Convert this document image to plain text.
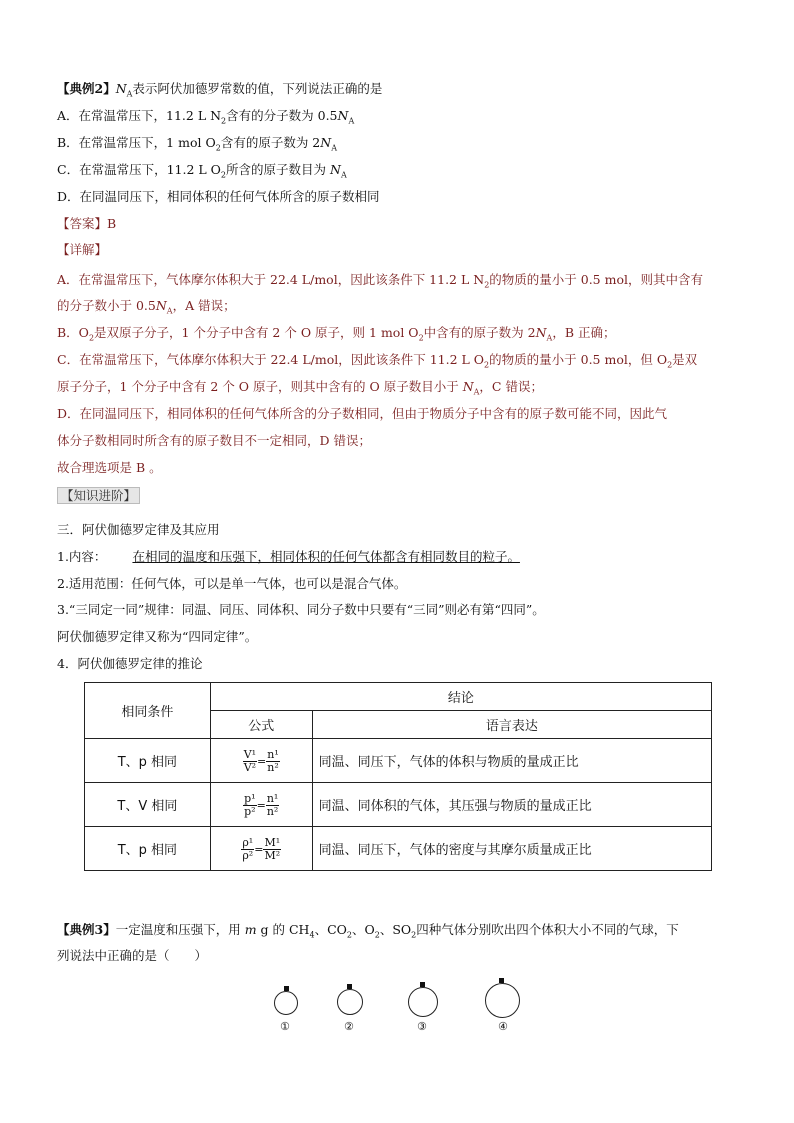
【典例2】$N_A$表示阿伏加德罗常数的值，下列说法正确的是
A．在常温常压下，11.2 L $N_2$含有的分子数为 $0.5N_A$
B．在常温常压下，1 mol $O_2$含有的原子数为 $2N_A$
C．在常温常压下，11.2 L $O_2$所含的原子数目为 $N_A$
D．在同温同压下，相同体积的任何气体所含的原子数相同
【答案】B
【详解】
A．在常温常压下，气体摩尔体积大于 22.4 L/mol，因此该条件下 11.2 L $N_2$的物质的量小于 0.5 mol，则其中含有
的分子数小于 $0.5N_A$，A 错误；
B．$O_2$是双原子分子，1 个分子中含有 2 个 O 原子，则 1 mol $O_2$中含有的原子数为 $2N_A$，B 正确；
C．在常温常压下，气体摩尔体积大于 22.4 L/mol，因此该条件下 11.2 L $O_2$的物质的量小于 0.5 mol，但 $O_2$是双
原子分子，1 个分子中含有 2 个 O 原子，则其中含有的 O 原子数目小于 $N_A$，C 错误；
D．在同温同压下，相同体积的任何气体所含的分子数相同，但由于物质分子中含有的原子数可能不同，因此气
体分子数相同时所含有的原子数目不一定相同，D 错误；
故合理选项是 B 。
【知识进阶】
三．阿伏伽德罗定律及其应用
1.内容： 在相同的温度和压强下，相同体积的任何气体都含有相同数目的粒子。
2.适用范围：任何气体，可以是单一气体，也可以是混合气体。
3.“三同定一同”规律：同温、同压、同体积、同分子数中只要有“三同”则必有第“四同”。
阿伏伽德罗定律又称为“四同定律”。
4．阿伏伽德罗定律的推论
相同条件	结论	
	公式	语言表达
T、p 相同	V¹
V² =
n¹
n²	同温、同压下，气体的体积与物质的量成正比
T、V 相同	p¹
p² =
n¹
n²	同温、同体积的气体，其压强与物质的量成正比
T、p 相同	ρ¹
ρ² =
M¹
M²	同温、同压下，气体的密度与其摩尔质量成正比
【典例3】一定温度和压强下，用 m g 的 $CH_4$、$CO_2$、$O_2$、$SO_2$四种气体分别吹出四个体积大小不同的气球，下
列说法中正确的是（　　）
①	②	③	④
